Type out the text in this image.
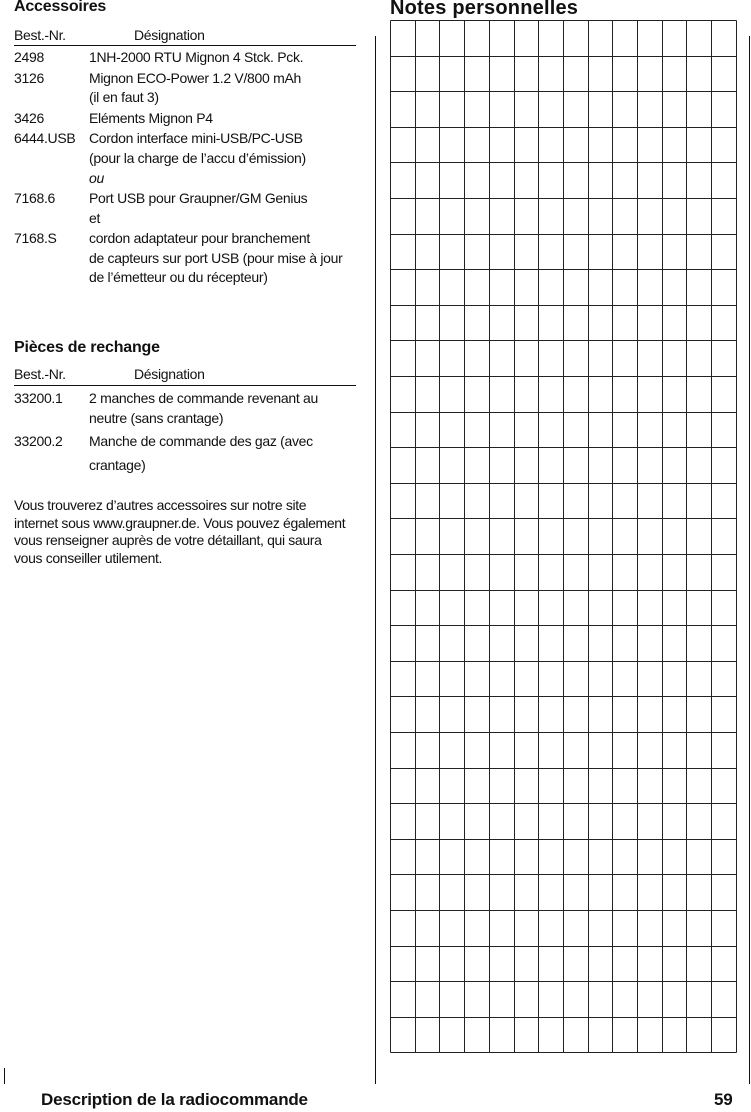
Accessoires
Best.-Nr.	Désignation
2498	1NH-2000 RTU Mignon 4 Stck. Pck.
3126	Mignon ECO-Power 1.2 V/800 mAh
(il en faut 3)
3426	Eléments Mignon P4
6444.USB Cordon interface mini-USB/PC-USB
(pour la charge de l’accu d’émission)
ou
7168.6 Port USB pour Graupner/GM Genius
et
7168.S cordon adaptateur pour branchement
de capteurs sur port USB (pour mise à jour
de l’émetteur ou du récepteur)
Pièces de rechange
Best.-Nr.	Désignation
33200.1 2 manches de commande revenant au
neutre (sans crantage)
33200.2 Manche de commande des gaz (avec
crantage)
Vous trouverez d’autres accessoires sur notre site
internet sous www.graupner.de. Vous pouvez également
vous renseigner auprès de votre détaillant, qui saura
vous conseiller utilement.
Notes personnelles
Description de la radiocommande	59
